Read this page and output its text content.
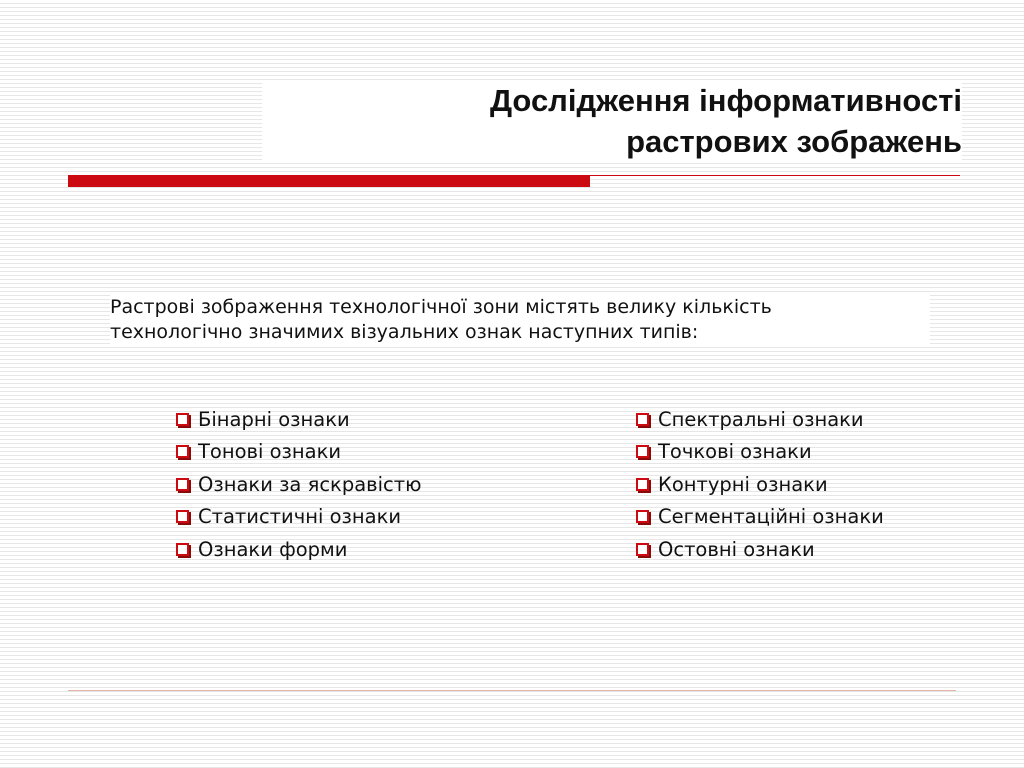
Дослідження інформативності
растрових зображень
Растрові зображення технологічної зони містять велику кількість
технологічно значимих візуальних ознак наступних типів:
Бінарні ознаки
Тонові ознаки
Ознаки за яскравістю
Статистичні ознаки
Ознаки форми
Спектральні ознаки
Точкові ознаки
Контурні ознаки
Сегментаційні ознаки
Остовні ознаки
